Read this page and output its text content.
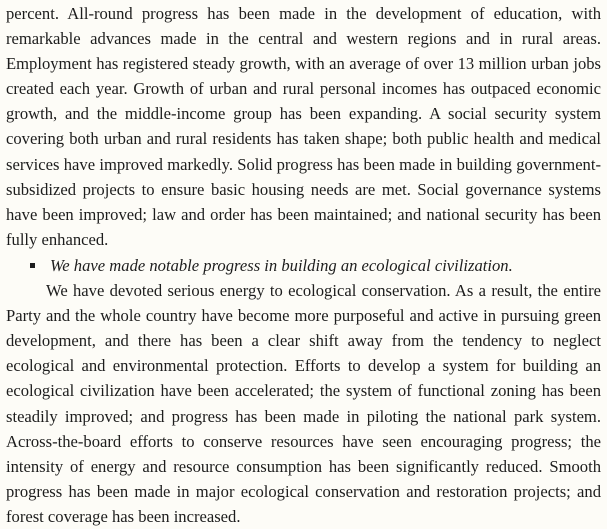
percent. All-round progress has been made in the development of education, with remarkable advances made in the central and western regions and in rural areas. Employment has registered steady growth, with an average of over 13 million urban jobs created each year. Growth of urban and rural personal incomes has outpaced economic growth, and the middle-income group has been expanding. A social security system covering both urban and rural residents has taken shape; both public health and medical services have improved markedly. Solid progress has been made in building government-subsidized projects to ensure basic housing needs are met. Social governance systems have been improved; law and order has been maintained; and national security has been fully enhanced.

We have made notable progress in building an ecological civilization.

We have devoted serious energy to ecological conservation. As a result, the entire Party and the whole country have become more purposeful and active in pursuing green development, and there has been a clear shift away from the tendency to neglect ecological and environmental protection. Efforts to develop a system for building an ecological civilization have been accelerated; the system of functional zoning has been steadily improved; and progress has been made in piloting the national park system. Across-the-board efforts to conserve resources have seen encouraging progress; the intensity of energy and resource consumption has been significantly reduced. Smooth progress has been made in major ecological conservation and restoration projects; and forest coverage has been increased.
